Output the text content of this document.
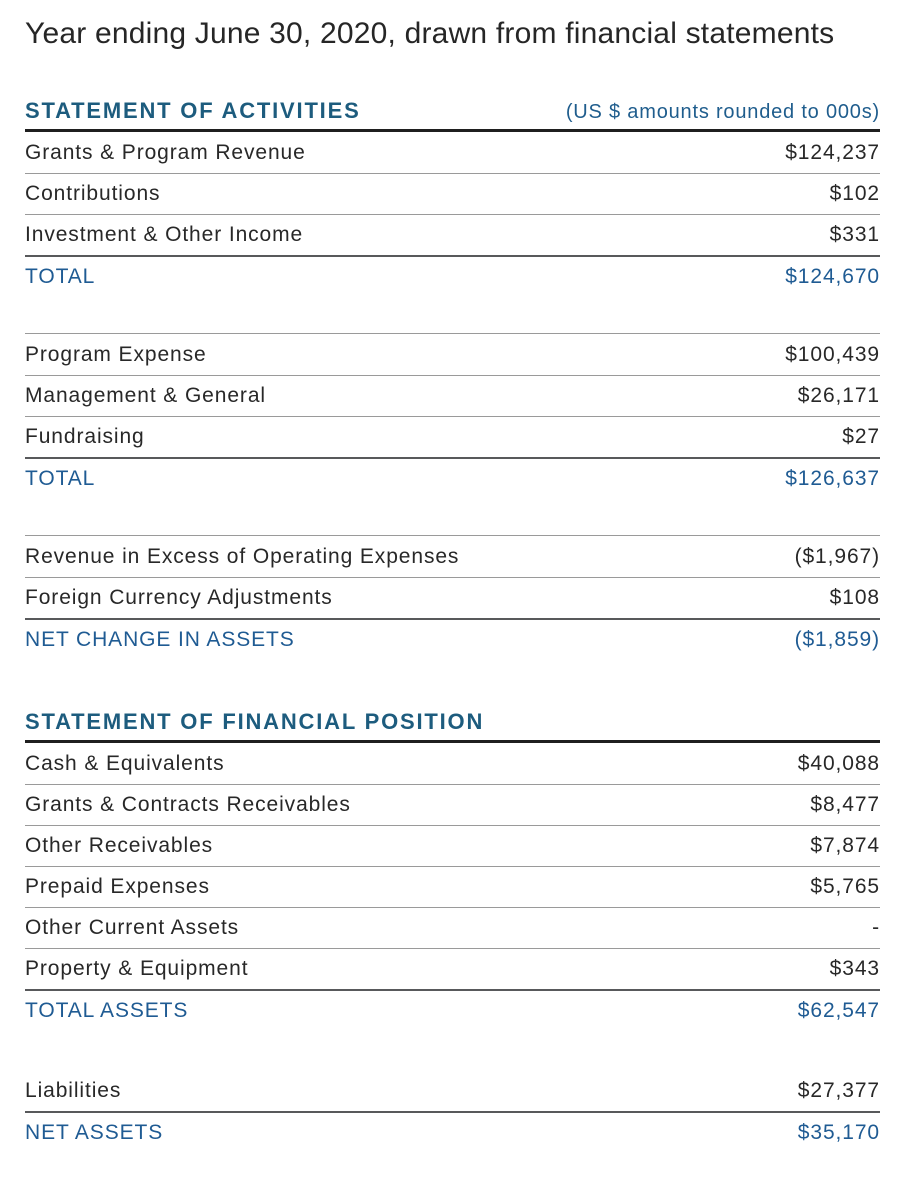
Year ending June 30, 2020, drawn from financial statements
STATEMENT OF ACTIVITIES	(US $ amounts rounded to 000s)
Grants & Program Revenue	$124,237
Contributions	$102
Investment & Other Income	$331
TOTAL	$124,670
Program Expense	$100,439
Management & General	$26,171
Fundraising	$27
TOTAL	$126,637
Revenue in Excess of Operating Expenses	($1,967)
Foreign Currency Adjustments	$108
NET CHANGE IN ASSETS	($1,859)
STATEMENT OF FINANCIAL POSITION
Cash & Equivalents	$40,088
Grants & Contracts Receivables	$8,477
Other Receivables	$7,874
Prepaid Expenses	$5,765
Other Current Assets	-
Property & Equipment	$343
TOTAL ASSETS	$62,547
Liabilities	$27,377
NET ASSETS	$35,170
